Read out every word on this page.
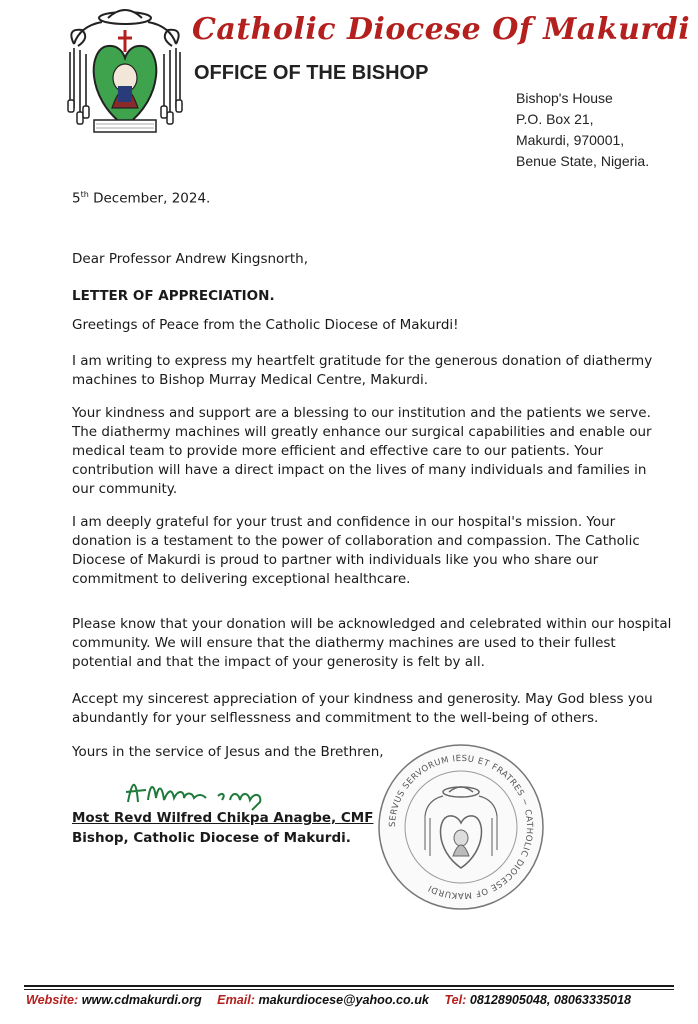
Catholic Diocese Of Makurdi
OFFICE OF THE BISHOP
Bishop's House
P.O. Box 21,
Makurdi, 970001,
Benue State, Nigeria.
5th December, 2024.
Dear Professor Andrew Kingsnorth,
LETTER OF APPRECIATION.
Greetings of Peace from the Catholic Diocese of Makurdi!
I am writing to express my heartfelt gratitude for the generous donation of diathermy machines to Bishop Murray Medical Centre, Makurdi.
Your kindness and support are a blessing to our institution and the patients we serve. The diathermy machines will greatly enhance our surgical capabilities and enable our medical team to provide more efficient and effective care to our patients. Your contribution will have a direct impact on the lives of many individuals and families in our community.
I am deeply grateful for your trust and confidence in our hospital's mission. Your donation is a testament to the power of collaboration and compassion. The Catholic Diocese of Makurdi is proud to partner with individuals like you who share our commitment to delivering exceptional healthcare.
Please know that your donation will be acknowledged and celebrated within our hospital community. We will ensure that the diathermy machines are used to their fullest potential and that the impact of your generosity is felt by all.
Accept my sincerest appreciation of your kindness and generosity. May God bless you abundantly for your selflessness and commitment to the well-being of others.
Yours in the service of Jesus and the Brethren,
Most Revd Wilfred Chikpa Anagbe, CMF
Bishop, Catholic Diocese of Makurdi.
SERVUS SERVORUM IESU ET FRATRES ~ CATHOLIC DIOCESE OF MAKURDI
Website: www.cdmakurdi.org Email: makurdiocese@yahoo.co.uk Tel: 08128905048, 08063335018
